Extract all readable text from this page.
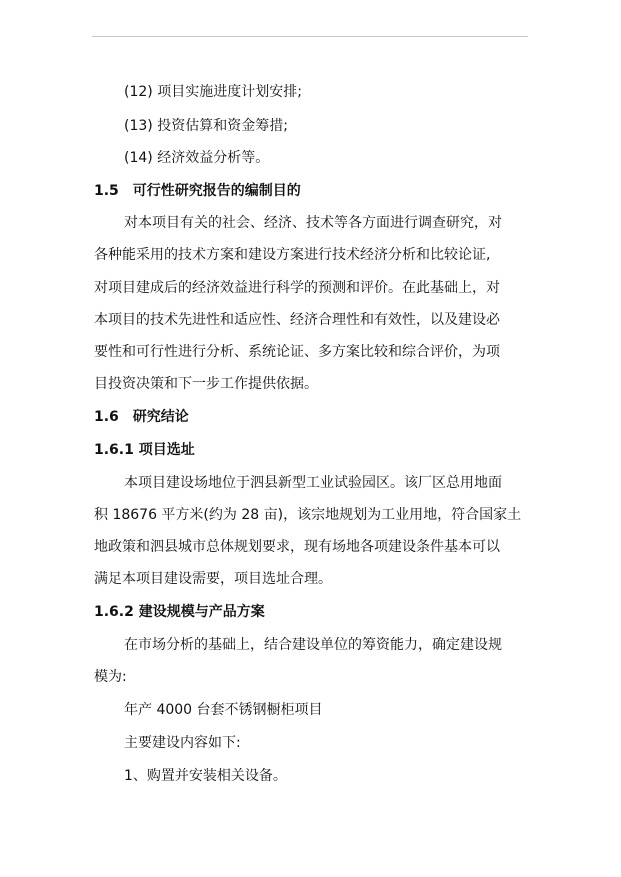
(12) 项目实施进度计划安排;
(13) 投资估算和资金筹措;
(14) 经济效益分析等。
1.5　可行性研究报告的编制目的
对本项目有关的社会、经济、技术等各方面进行调查研究，对
各种能采用的技术方案和建设方案进行技术经济分析和比较论证,
对项目建成后的经济效益进行科学的预测和评价。在此基础上，对
本项目的技术先进性和适应性、经济合理性和有效性，以及建设必
要性和可行性进行分析、系统论证、多方案比较和综合评价，为项
目投资决策和下一步工作提供依据。
1.6　研究结论
1.6.1 项目选址
本项目建设场地位于泗县新型工业试验园区。该厂区总用地面
积 18676 平方米(约为 28 亩)，该宗地规划为工业用地，符合国家土
地政策和泗县城市总体规划要求，现有场地各项建设条件基本可以
满足本项目建设需要，项目选址合理。
1.6.2 建设规模与产品方案
在市场分析的基础上，结合建设单位的筹资能力，确定建设规
模为:
年产 4000 台套不锈钢橱柜项目
主要建设内容如下:
1、购置并安装相关设备。
